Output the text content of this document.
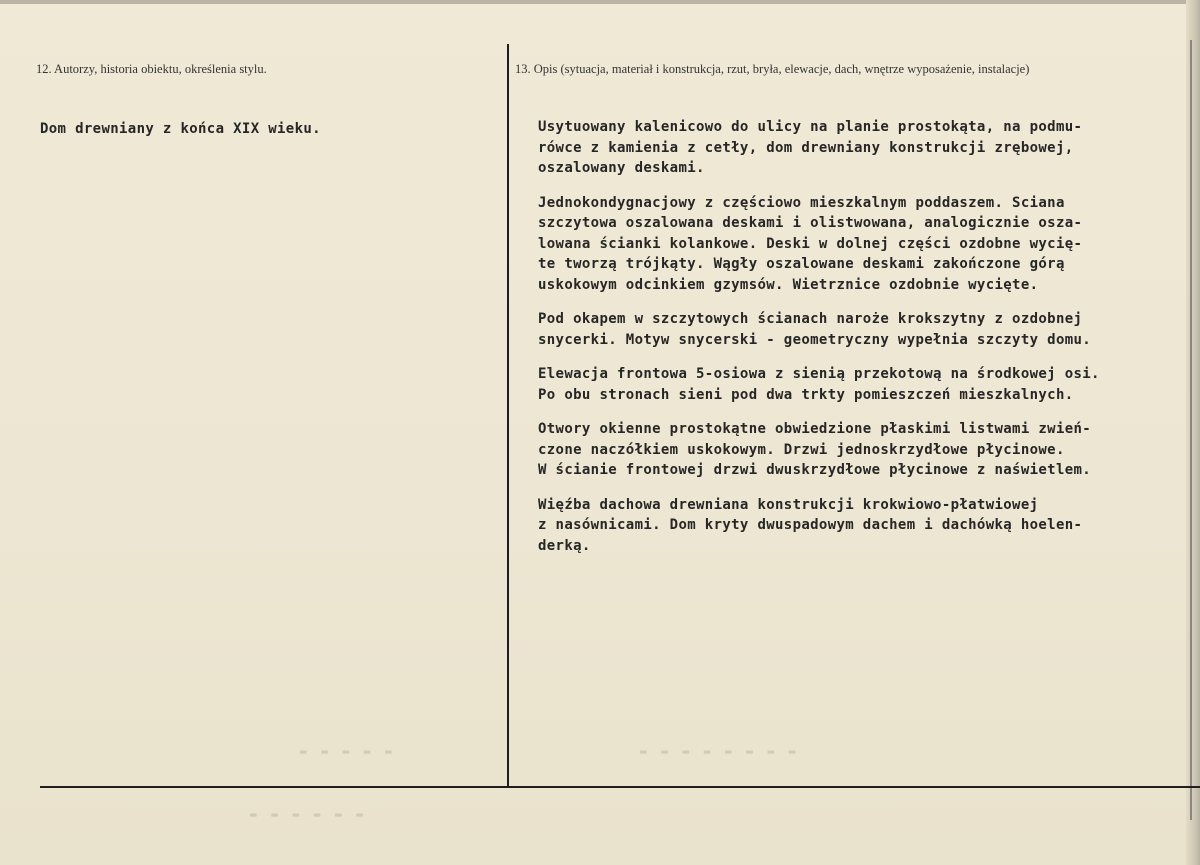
▬ ▬ ▬ ▬ ▬	▬ ▬ ▬ ▬ ▬ ▬ ▬ ▬
▬ ▬ ▬ ▬ ▬ ▬
12. Autorzy, historia obiektu, określenia stylu.	13. Opis (sytuacja, materiał i konstrukcja, rzut, bryła, elewacje, dach, wnętrze wyposażenie, instalacje)
Dom drewniany z końca XIX wieku.	Usytuowany kalenicowo do ulicy na planie prostokąta, na podmu-
rówce z kamienia z cetły, dom drewniany konstrukcji zrębowej,
oszalowany deskami.
Jednokondygnacjowy z częściowo mieszkalnym poddaszem. Sciana
szczytowa oszalowana deskami i olistwowana, analogicznie osza-
lowana ścianki kolankowe. Deski w dolnej części ozdobne wycię-
te tworzą trójkąty. Wągły oszalowane deskami zakończone górą
uskokowym odcinkiem gzymsów. Wietrznice ozdobnie wycięte.
Pod okapem w szczytowych ścianach naroże krokszytny z ozdobnej
snycerki. Motyw snycerski - geometryczny wypełnia szczyty domu.
Elewacja frontowa 5-osiowa z sienią przekotową na środkowej osi.
Po obu stronach sieni pod dwa trkty pomieszczeń mieszkalnych.
Otwory okienne prostokątne obwiedzione płaskimi listwami zwień-
czone naczółkiem uskokowym. Drzwi jednoskrzydłowe płycinowe.
W ścianie frontowej drzwi dwuskrzydłowe płycinowe z naświetlem.
Więźba dachowa drewniana konstrukcji krokwiowo-płatwiowej
z nasównicami. Dom kryty dwuspadowym dachem i dachówką hoelen-
derką.
